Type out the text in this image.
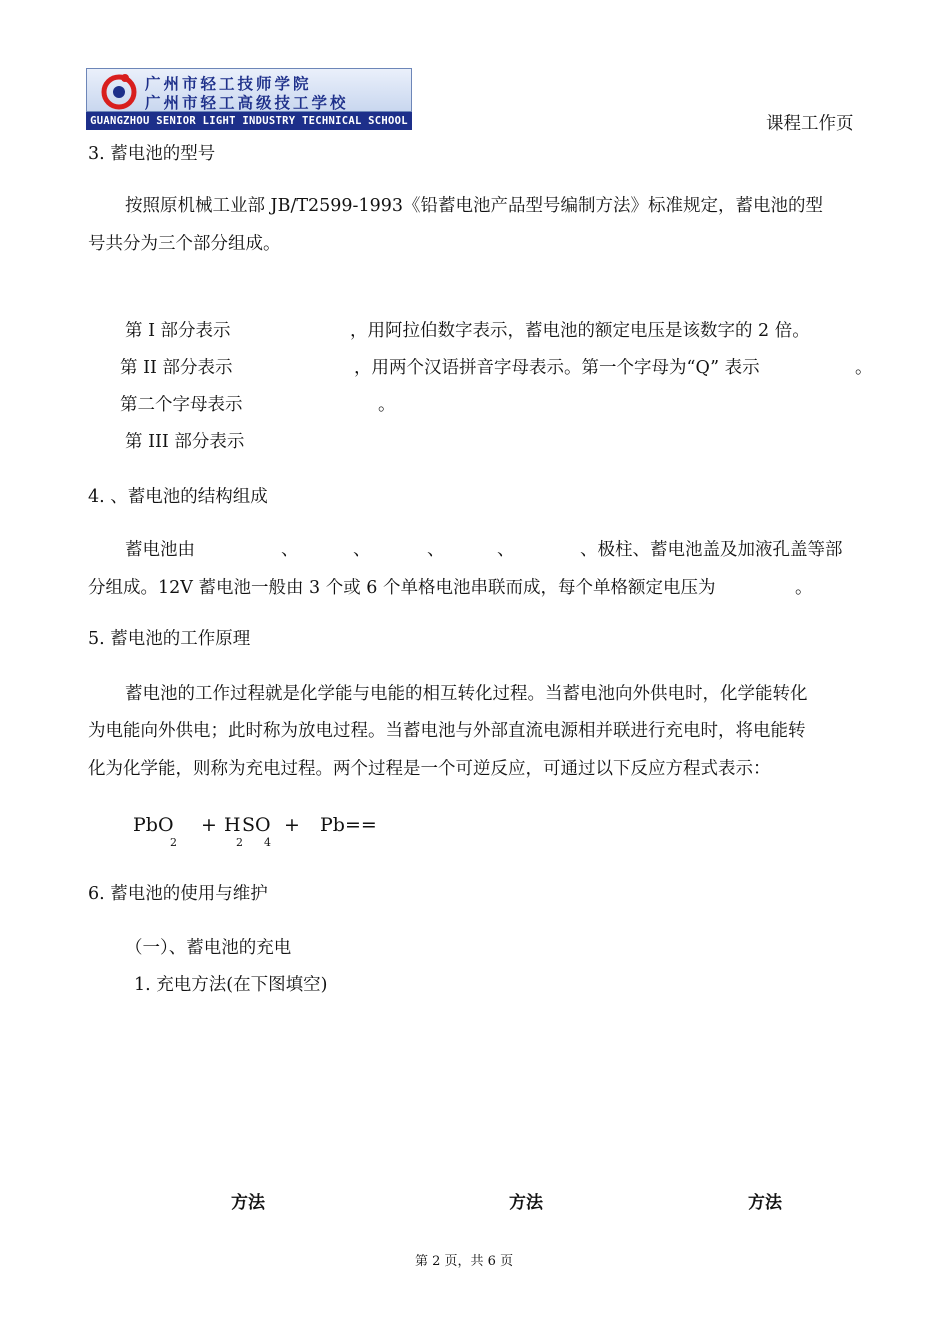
广州市轻工技师学院
广州市轻工高级技工学校
GUANGZHOU SENIOR LIGHT INDUSTRY TECHNICAL SCHOOL	课程工作页
3. 蓄电池的型号
按照原机械工业部 JB/T2599-1993《铅蓄电池产品型号编制方法》标准规定，蓄电池的型
号共分为三个部分组成。
第 I 部分表示	，用阿拉伯数字表示，蓄电池的额定电压是该数字的 2 倍。
第 II 部分表示	，用两个汉语拼音字母表示。第一个字母为“Q” 表示	。
第二个字母表示	。
第 III 部分表示
4. 、蓄电池的结构组成
蓄电池由	、	、	、	、	、极柱、蓄电池盖及加液孔盖等部
分组成。12V 蓄电池一般由 3 个或 6 个单格电池串联而成，每个单格额定电压为	。
5. 蓄电池的工作原理
蓄电池的工作过程就是化学能与电能的相互转化过程。当蓄电池向外供电时，化学能转化
为电能向外供电；此时称为放电过程。当蓄电池与外部直流电源相并联进行充电时，将电能转
化为化学能，则称为充电过程。两个过程是一个可逆反应，可通过以下反应方程式表示：
PbO
2
+ H
2
SO
4
+ Pb==
6. 蓄电池的使用与维护
（一）、蓄电池的充电
1. 充电方法(在下图填空)
方法	方法	方法
第 2 页，共 6 页
